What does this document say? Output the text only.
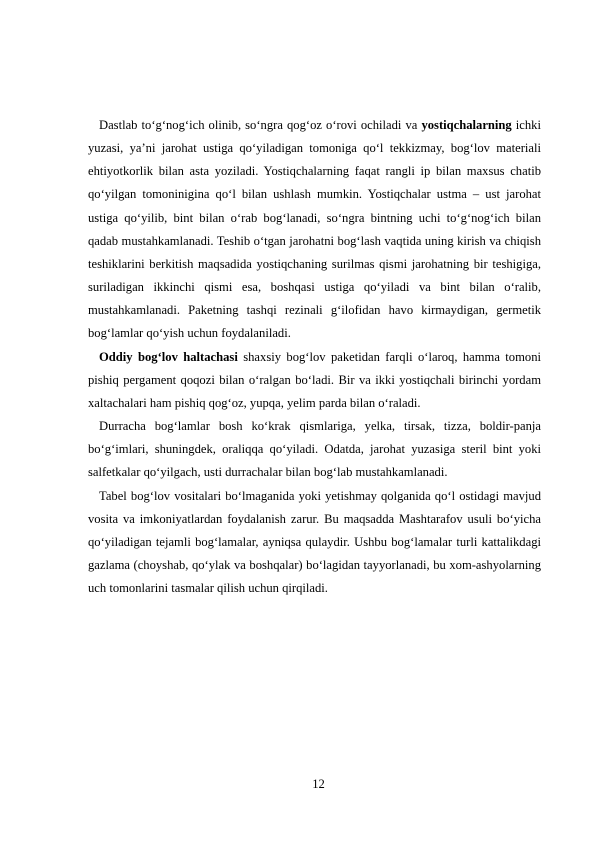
Dastlab to‘g‘nog‘ich olinib, so‘ngra qog‘oz o‘rovi ochiladi va yostiqchalarning ichki yuzasi, ya’ni jarohat ustiga qo‘yiladigan tomoniga qo‘l tekkizmay, bog‘lov materiali ehtiyotkorlik bilan asta yoziladi. Yostiqchalarning faqat rangli ip bilan maxsus chatib qo‘yilgan tomoninigina qo‘l bilan ushlash mumkin. Yostiqchalar ustma – ust jarohat ustiga qo‘yilib, bint bilan o‘rab bog‘lanadi, so‘ngra bintning uchi to‘g‘nog‘ich bilan qadab mustahkamlanadi. Teshib o‘tgan jarohatni bog‘lash vaqtida uning kirish va chiqish teshiklarini berkitish maqsadida yostiqchaning surilmas qismi jarohatning bir teshigiga, suriladigan ikkinchi qismi esa, boshqasi ustiga qo‘yiladi va bint bilan o‘ralib, mustahkamlanadi. Paketning tashqi rezinali g‘ilofidan havo kirmaydigan, germetik bog‘lamlar qo‘yish uchun foydalaniladi.

Oddiy bog‘lov haltachasi shaxsiy bog‘lov paketidan farqli o‘laroq, hamma tomoni pishiq pergament qoqozi bilan o‘ralgan bo‘ladi. Bir va ikki yostiqchali birinchi yordam xaltachalari ham pishiq qog‘oz, yupqa, yelim parda bilan o‘raladi.

Durracha bog‘lamlar bosh ko‘krak qismlariga, yelka, tirsak, tizza, boldir-panja bo‘g‘imlari, shuningdek, oraliqqa qo‘yiladi. Odatda, jarohat yuzasiga steril bint yoki salfetkalar qo‘yilgach, usti durrachalar bilan bog‘lab mustahkamlanadi.

Tabel bog‘lov vositalari bo‘lmaganida yoki yetishmay qolganida qo‘l ostidagi mavjud vosita va imkoniyatlardan foydalanish zarur. Bu maqsadda Mashtarafov usuli bo‘yicha qo‘yiladigan tejamli bog‘lamalar, ayniqsa qulaydir. Ushbu bog‘lamalar turli kattalikdagi gazlama (choyshab, qo‘ylak va boshqalar) bo‘lagidan tayyorlanadi, bu xom-ashyolarning uch tomonlarini tasmalar qilish uchun qirqiladi.

12
